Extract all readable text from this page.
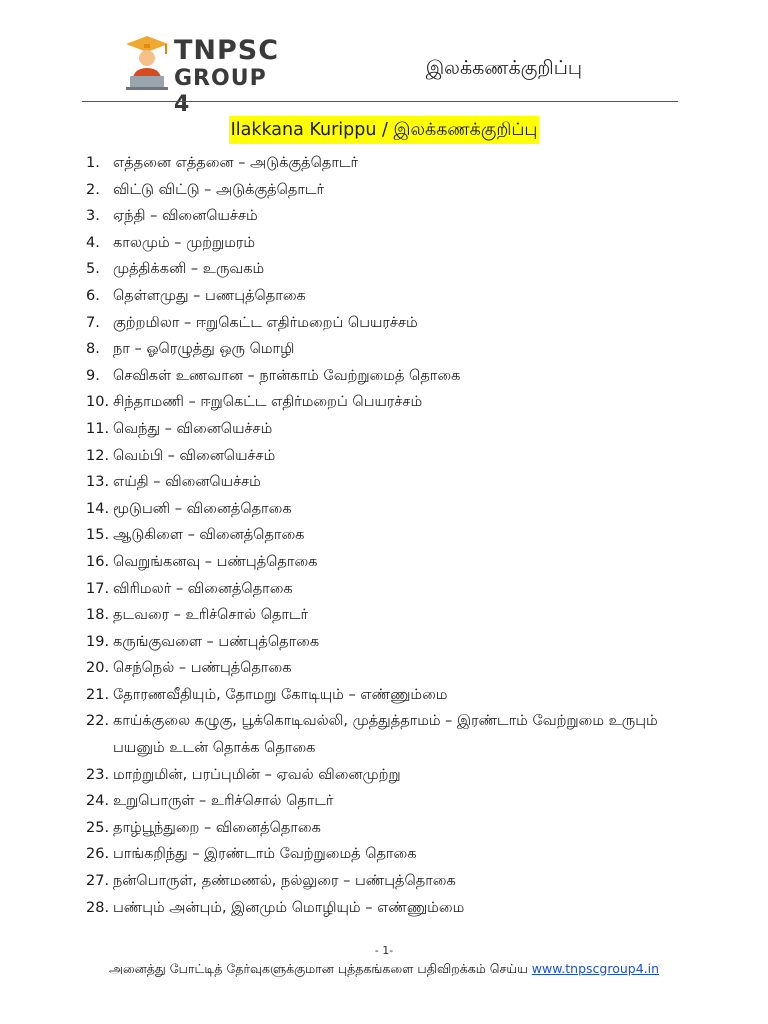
TNPSC
GROUP 4
இலக்கணக்குறிப்பு
Ilakkana Kurippu / இலக்கணக்குறிப்பு
1. எத்தனை எத்தனை – அடுக்குத்தொடர்
2. விட்டு விட்டு – அடுக்குத்தொடர்
3. ஏந்தி – வினையெச்சம்
4. காலமும் – முற்றுமரம்
5. முத்திக்கனி – உருவகம்
6. தெள்ளமுது – பணபுத்தொகை
7. குற்றமிலா – ஈறுகெட்ட எதிர்மறைப் பெயரச்சம்
8. நா – ஓரெழுத்து ஒரு மொழி
9. செவிகள் உணவான – நான்காம் வேற்றுமைத் தொகை
10. சிந்தாமணி – ஈறுகெட்ட எதிர்மறைப் பெயரச்சம்
11. வெந்து – வினையெச்சம்
12. வெம்பி – வினையெச்சம்
13. எய்தி – வினையெச்சம்
14. மூடுபனி – வினைத்தொகை
15. ஆடுகிளை – வினைத்தொகை
16. வெறுங்கனவு – பண்புத்தொகை
17. விரிமலர் – வினைத்தொகை
18. தடவரை – உரிச்சொல் தொடர்
19. கருங்குவளை – பண்புத்தொகை
20. செந்நெல் – பண்புத்தொகை
21. தோரணவீதியும், தோமறு கோடியும் – எண்ணும்மை
22. காய்க்குலை கழுகு, பூக்கொடிவல்லி, முத்துத்தாமம் – இரண்டாம் வேற்றுமை உருபும் பயனும் உடன் தொக்க தொகை
23. மாற்றுமின், பரப்புமின் – ஏவல் வினைமுற்று
24. உறுபொருள் – உரிச்சொல் தொடர்
25. தாழ்பூந்துறை – வினைத்தொகை
26. பாங்கறிந்து – இரண்டாம் வேற்றுமைத் தொகை
27. நன்பொருள், தண்மணல், நல்லுரை – பண்புத்தொகை
28. பண்பும் அன்பும், இனமும் மொழியும் – எண்ணும்மை
- 1-
அனைத்து போட்டித் தேர்வுகளுக்குமான புத்தகங்களை பதிவிறக்கம் செய்ய www.tnpscgroup4.in
